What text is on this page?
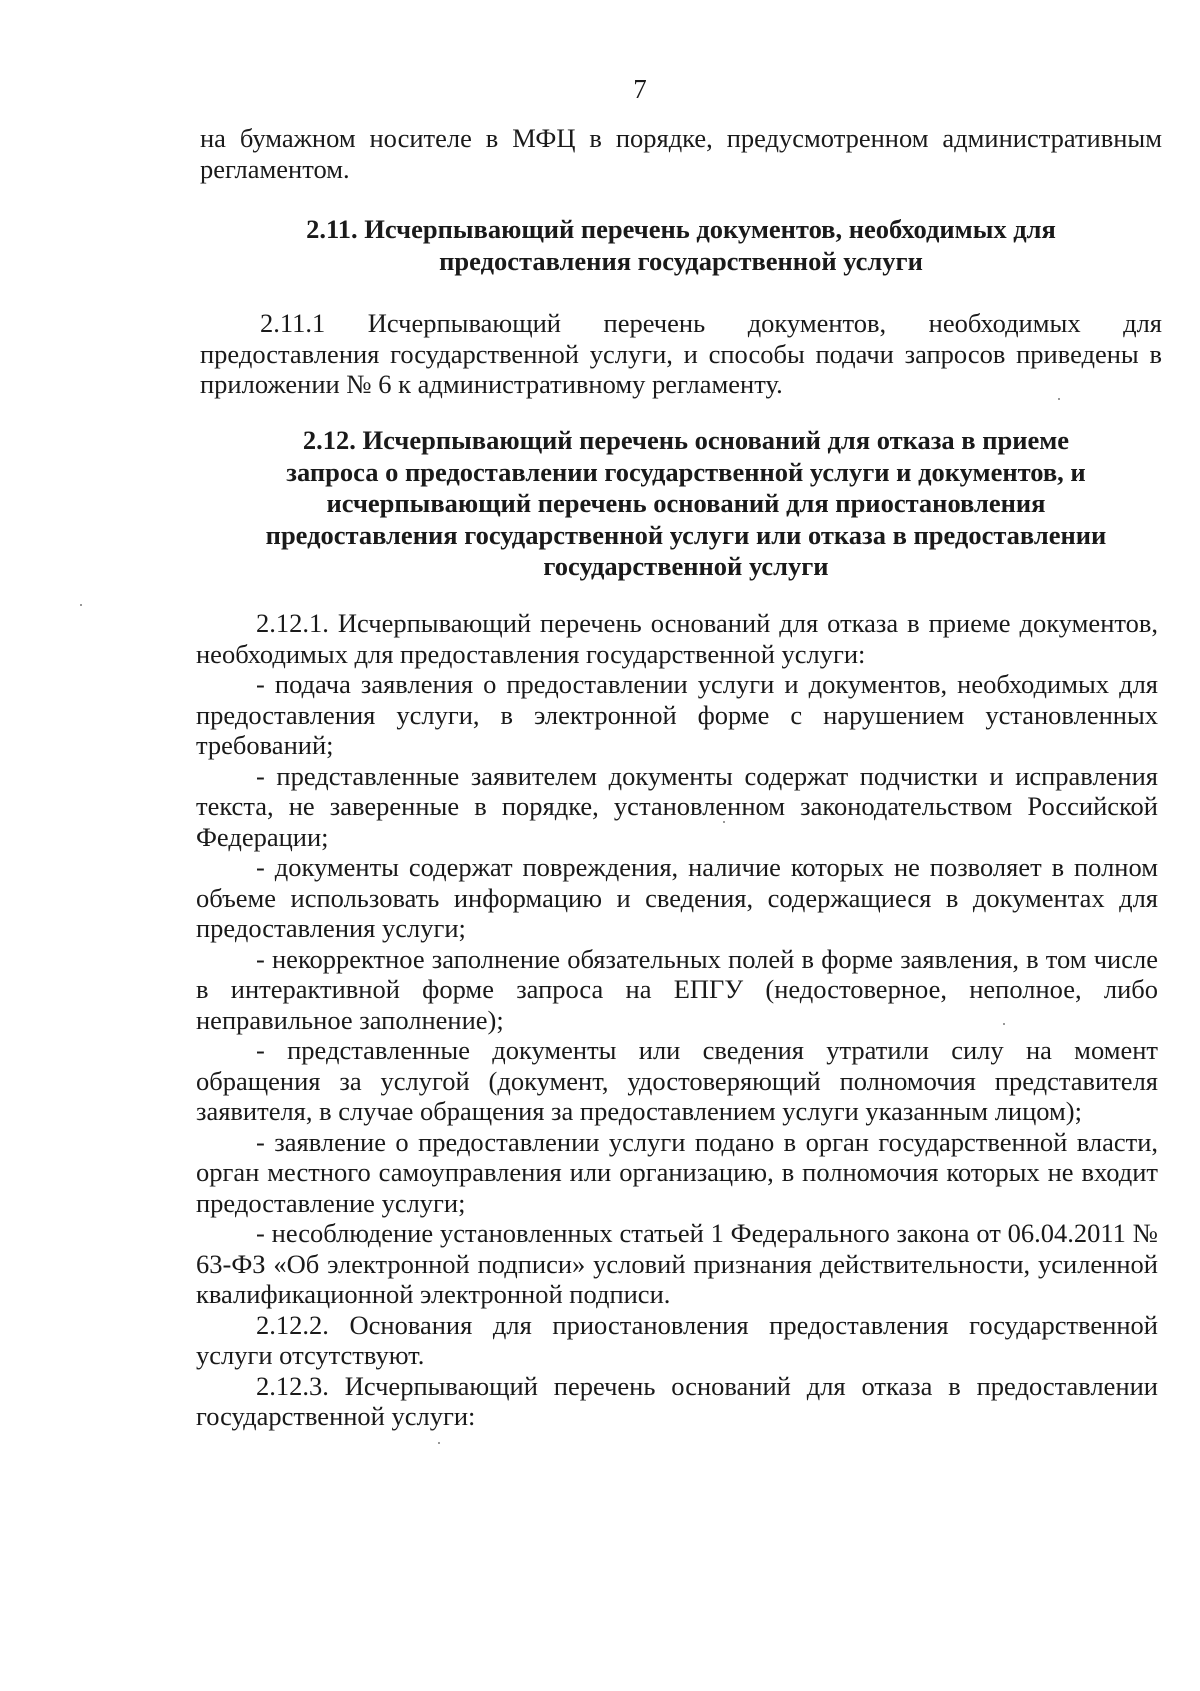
7

на бумажном носителе в МФЦ в порядке, предусмотренном административным

регламентом.

2.11. Исчерпывающий перечень документов, необходимых для
предоставления государственной услуги

2.11.1 Исчерпывающий перечень документов, необходимых для предоставления государственной услуги, и способы подачи запросов приведены в приложении № 6 к административному регламенту.

2.12. Исчерпывающий перечень оснований для отказа в приеме
запроса о предоставлении государственной услуги и документов, и
исчерпывающий перечень оснований для приостановления
предоставления государственной услуги или отказа в предоставлении
государственной услуги

2.12.1. Исчерпывающий перечень оснований для отказа в приеме документов, необходимых для предоставления государственной услуги:

- подача заявления о предоставлении услуги и документов, необходимых для предоставления услуги, в электронной форме с нарушением установленных требований;

- представленные заявителем документы содержат подчистки и исправления текста, не заверенные в порядке, установленном законодательством Российской Федерации;

- документы содержат повреждения, наличие которых не позволяет в полном объеме использовать информацию и сведения, содержащиеся в документах для предоставления услуги;

- некорректное заполнение обязательных полей в форме заявления, в том числе в интерактивной форме запроса на ЕПГУ (недостоверное, неполное, либо неправильное заполнение);

- представленные документы или сведения утратили силу на момент обращения за услугой (документ, удостоверяющий полномочия представителя заявителя, в случае обращения за предоставлением услуги указанным лицом);

- заявление о предоставлении услуги подано в орган государственной власти, орган местного самоуправления или организацию, в полномочия которых не входит предоставление услуги;

- несоблюдение установленных статьей 1 Федерального закона от 06.04.2011 № 63-ФЗ «Об электронной подписи» условий признания действительности, усиленной квалификационной электронной подписи.

2.12.2. Основания для приостановления предоставления государственной услуги отсутствуют.

2.12.3. Исчерпывающий перечень оснований для отказа в предоставлении государственной услуги:
